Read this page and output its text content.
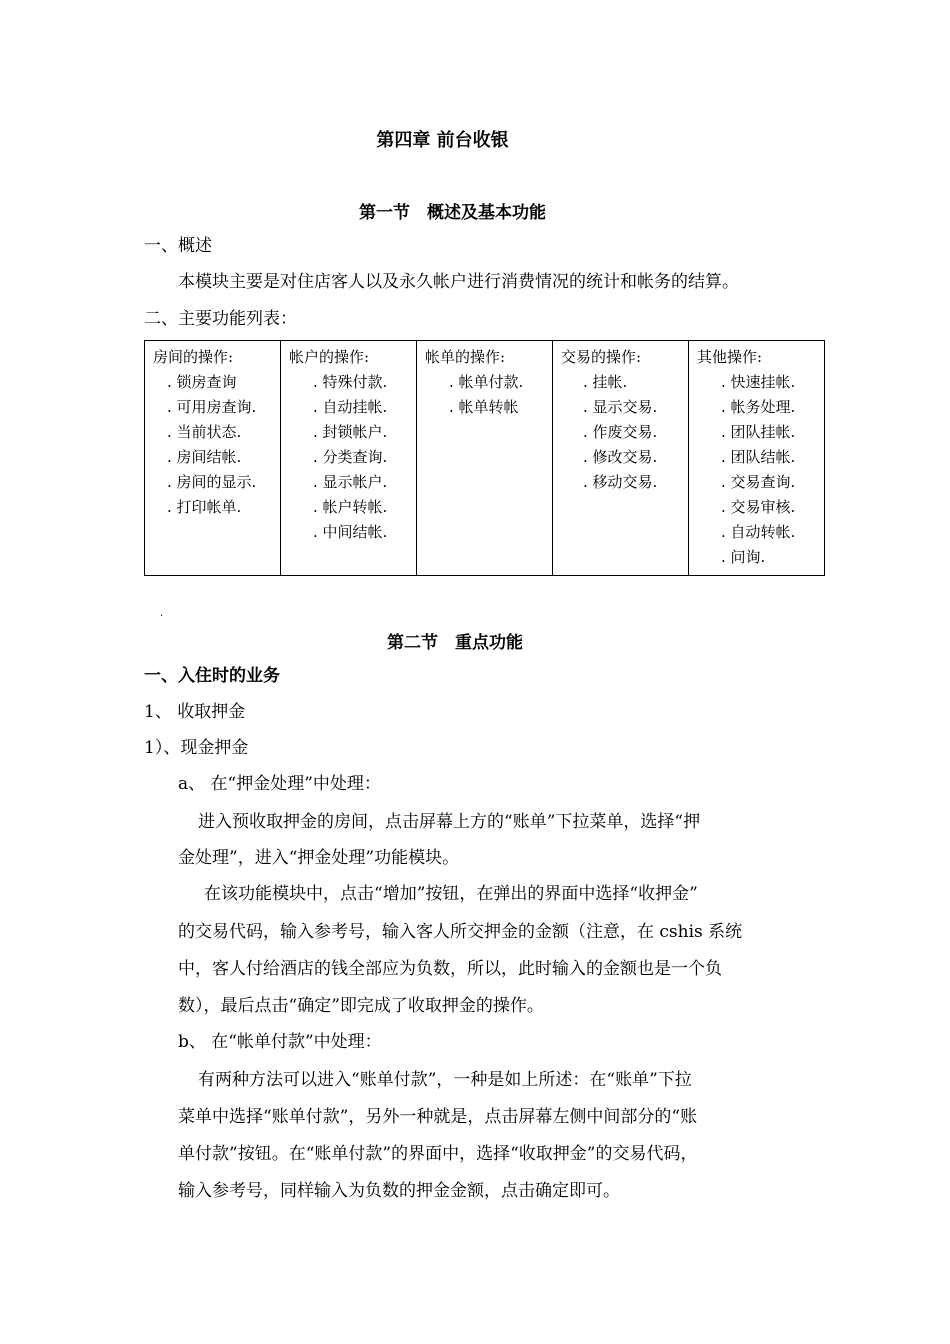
第四章 前台收银
第一节　概述及基本功能
一、概述
本模块主要是对住店客人以及永久帐户进行消费情况的统计和帐务的结算。
二、主要功能列表：
房间的操作:
. 锁房查询
. 可用房查询.
. 当前状态.
. 房间结帐.
. 房间的显示.
. 打印帐单.

帐户的操作:
. 特殊付款.
. 自动挂帐.
. 封锁帐户.
. 分类查询.
. 显示帐户.
. 帐户转帐.
. 中间结帐.

帐单的操作:
. 帐单付款.
. 帐单转帐

交易的操作:
. 挂帐.
. 显示交易.
. 作废交易.
. 修改交易.
. 移动交易.

其他操作:
. 快速挂帐.
. 帐务处理.
. 团队挂帐.
. 团队结帐.
. 交易查询.
. 交易审核.
. 自动转帐.
. 问询.
.
第二节　重点功能
一、入住时的业务
1、 收取押金
1）、现金押金
a、 在“押金处理”中处理：
进入预收取押金的房间，点击屏幕上方的“账单”下拉菜单，选择“押
金处理”，进入“押金处理”功能模块。
在该功能模块中，点击“增加”按钮，在弹出的界面中选择“收押金”
的交易代码，输入参考号，输入客人所交押金的金额（注意，在 cshis 系统
中，客人付给酒店的钱全部应为负数，所以，此时输入的金额也是一个负
数），最后点击“确定”即完成了收取押金的操作。
b、 在“帐单付款”中处理：
有两种方法可以进入“账单付款”，一种是如上所述：在“账单”下拉
菜单中选择“账单付款”，另外一种就是，点击屏幕左侧中间部分的“账
单付款”按钮。在“账单付款”的界面中，选择“收取押金”的交易代码，
输入参考号，同样输入为负数的押金金额，点击确定即可。
